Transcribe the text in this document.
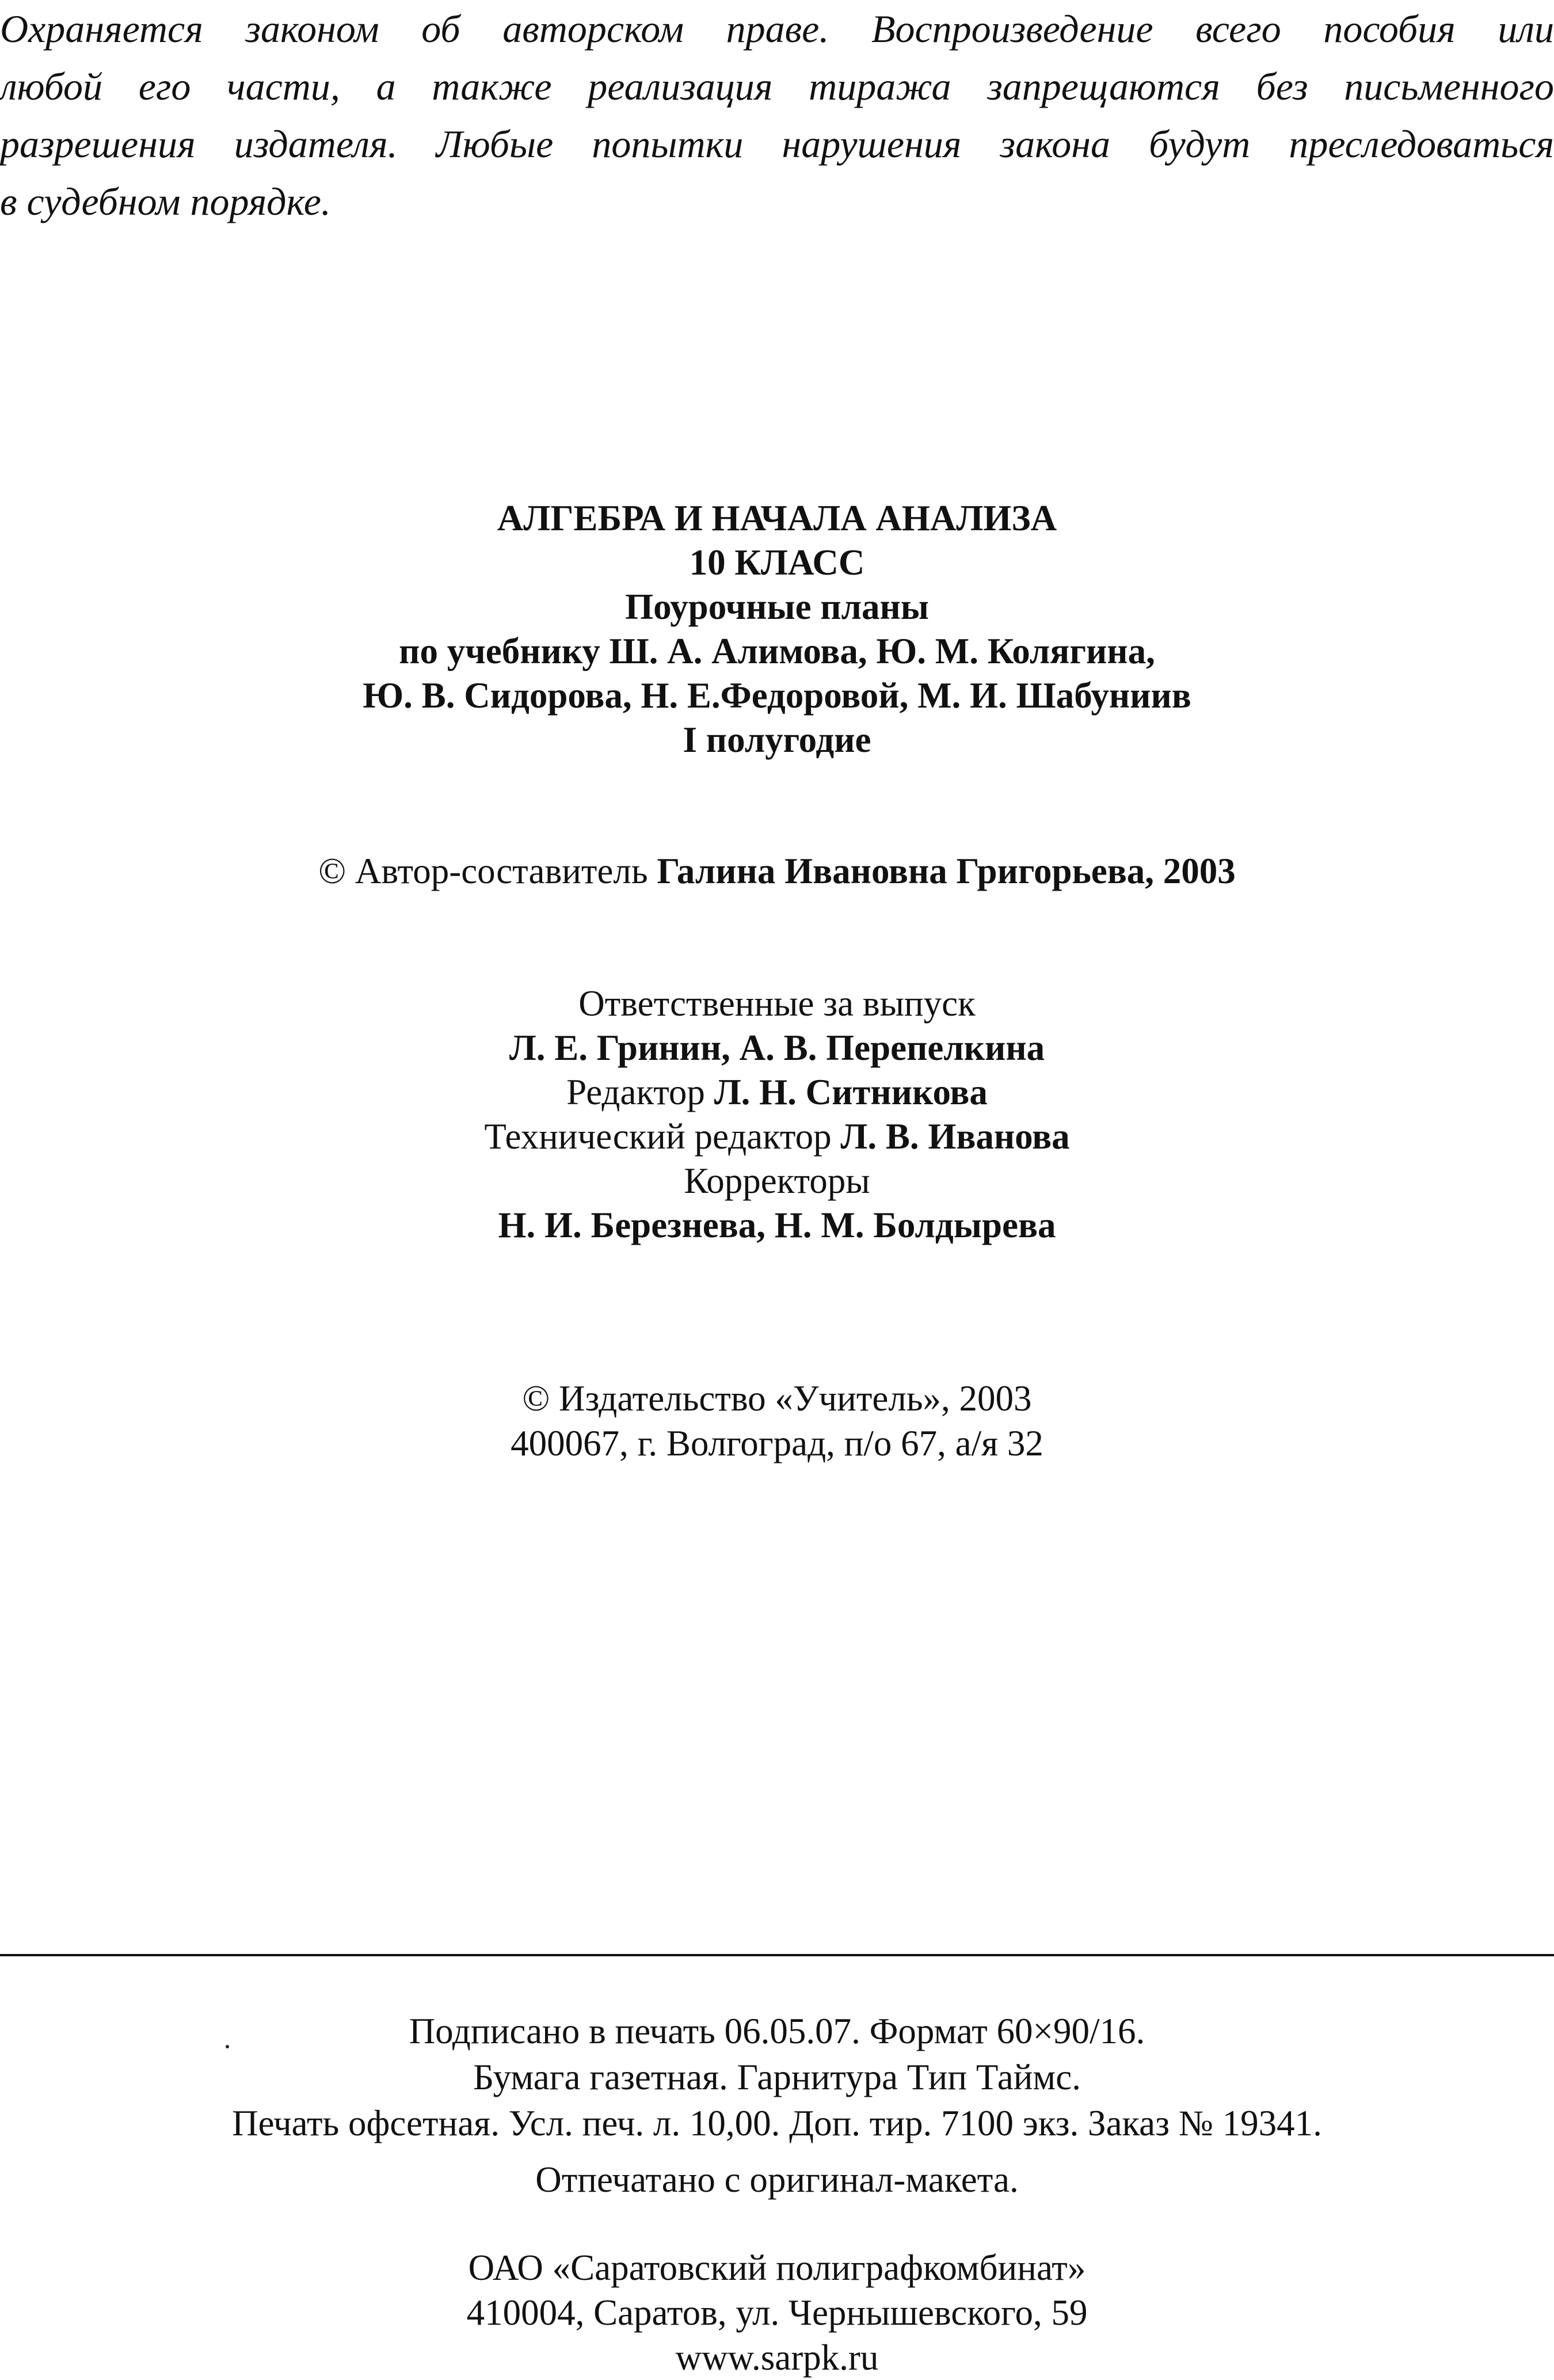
Охраняется законом об авторском праве. Воспроизведение всего пособия или
любой его части, а также реализация тиража запрещаются без письменного
разрешения издателя. Любые попытки нарушения закона будут преследоваться
в судебном порядке.

АЛГЕБРА И НАЧАЛА АНАЛИЗА
10 КЛАСС
Поурочные планы
по учебнику Ш. А. Алимова, Ю. М. Колягина,
Ю. В. Сидорова, Н. Е.Федоровой, М. И. Шабуниив
I полугодие
© Автор-составитель Галина Ивановна Григорьева, 2003
Ответственные за выпуск
Л. Е. Гринин, А. В. Перепелкина
Редактор Л. Н. Ситникова
Технический редактор Л. В. Иванова
Корректоры
Н. И. Березнева, Н. М. Болдырева
© Издательство «Учитель», 2003
400067, г. Волгоград, п/о 67, а/я 32
Подписано в печать 06.05.07. Формат 60×90/16.
Бумага газетная. Гарнитура Тип Таймс.
Печать офсетная. Усл. печ. л. 10,00. Доп. тир. 7100 экз. Заказ № 19341.
Отпечатано с оригинал-макета.
ОАО «Саратовский полиграфкомбинат»
410004, Саратов, ул. Чернышевского, 59
www.sarpk.ru
